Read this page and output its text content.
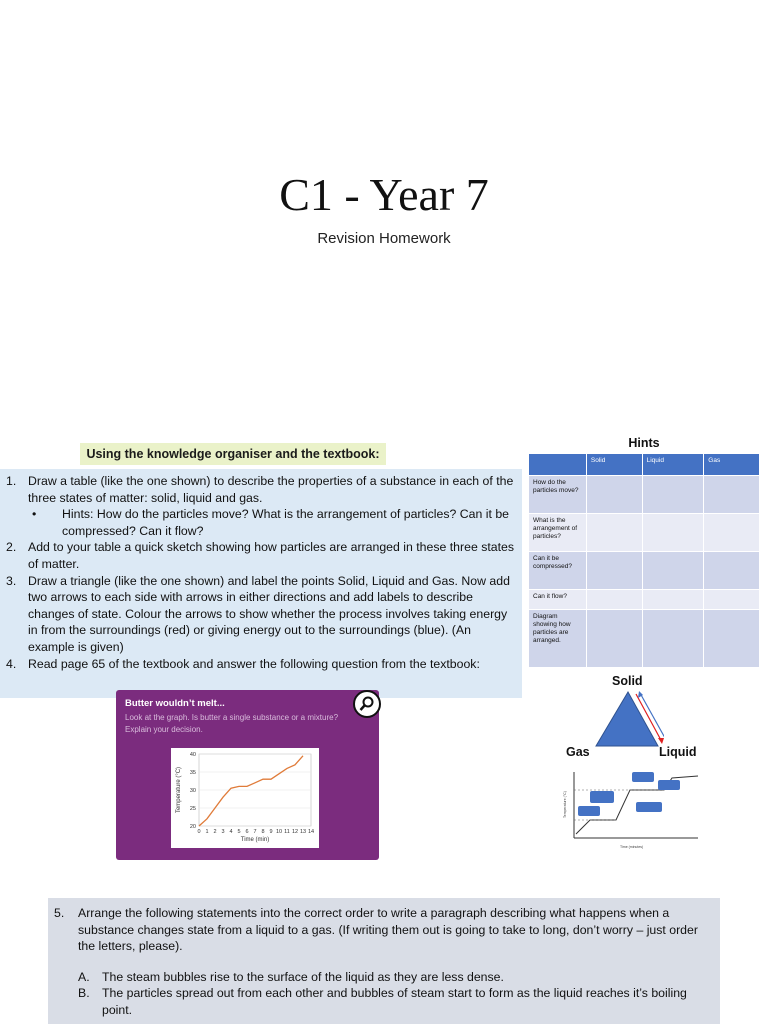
C1 - Year 7
Revision Homework
Using the knowledge organiser and the textbook:
1. Draw a table (like the one shown) to describe the properties of a substance in each of the three states of matter: solid, liquid and gas.
•	Hints: How do the particles move? What is the arrangement of particles? Can it be compressed? Can it flow?
2. Add to your table a quick sketch showing how particles are arranged in these three states of matter.
3. Draw a triangle (like the one shown) and label the points Solid, Liquid and Gas. Now add two arrows to each side with arrows in either directions and add labels to describe changes of state. Colour the arrows to show whether the process involves taking energy in from the surroundings (red) or giving energy out to the surroundings (blue). (An example is given)
4. Read page 65 of the textbook and answer the following question from the textbook:
Butter wouldn’t melt...
Look at the graph. Is butter a single substance or a mixture? Explain your decision.
20
25
30
35
40
0 1 2 3 4 5 6 7 8 9 10 11 12 13 14
Time (min)
Temperature (°C)
Hints
	Solid	Liquid	Gas
How do the particles move?			
What is the arrangement of particles?			
Can it be compressed?			
Can it flow?			
Diagram showing how particles are arranged.			
Solid
Gas	Liquid
Temperature (°C)
Time (minutes)
5.	Arrange the following statements into the correct order to write a paragraph describing what happens when a substance changes state from a liquid to a gas. (If writing them out is going to take to long, don’t worry – just order the letters, please).
A.	The steam bubbles rise to the surface of the liquid as they are less dense.
B.	The particles spread out from each other and bubbles of steam start to form as the liquid reaches it’s boiling point.
